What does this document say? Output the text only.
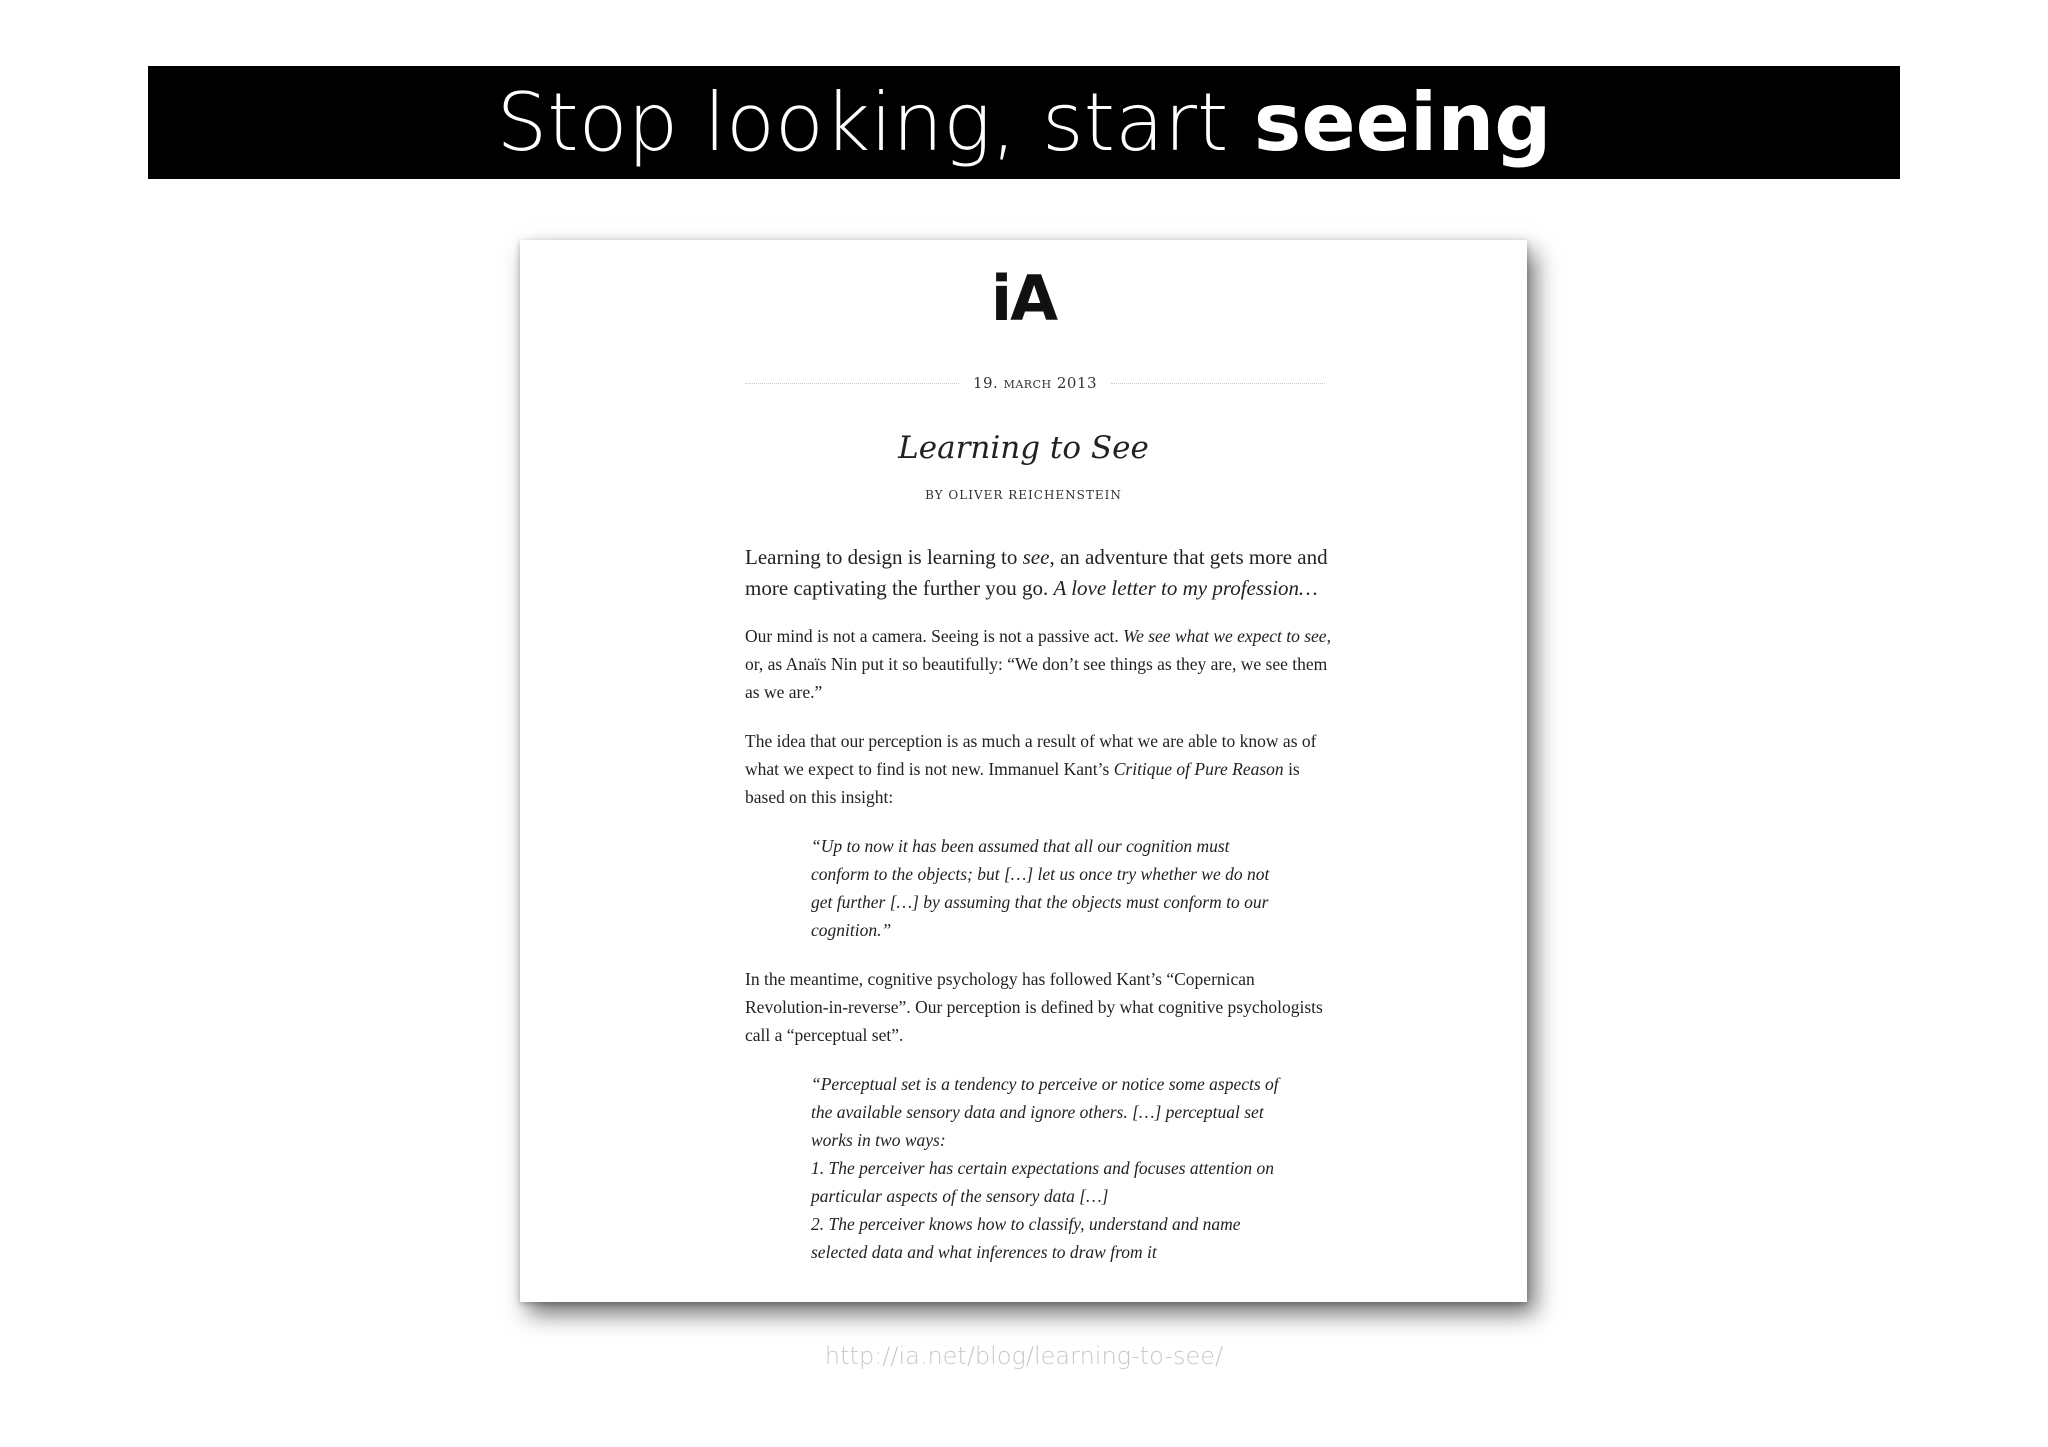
Stop looking, start seeing
iA
19. march 2013
Learning to See
BY OLIVER REICHENSTEIN

Learning to design is learning to see, an adventure that gets more and more captivating the further you go. A love letter to my profession…

Our mind is not a camera. Seeing is not a passive act. We see what we expect to see, or, as Anaïs Nin put it so beautifully: “We don’t see things as they are, we see them as we are.”

The idea that our perception is as much a result of what we are able to know as of what we expect to find is not new. Immanuel Kant’s Critique of Pure Reason is based on this insight:

“Up to now it has been assumed that all our cognition must conform to the objects; but […] let us once try whether we do not get further […] by assuming that the objects must conform to our cognition.”

In the meantime, cognitive psychology has followed Kant’s “Copernican Revolution-in-reverse”. Our perception is defined by what cognitive psychologists call a “perceptual set”.

“Perceptual set is a tendency to perceive or notice some aspects of the available sensory data and ignore others. […] perceptual set works in two ways:
1. The perceiver has certain expectations and focuses attention on particular aspects of the sensory data […]
2. The perceiver knows how to classify, understand and name selected data and what inferences to draw from it
http://ia.net/blog/learning-to-see/
